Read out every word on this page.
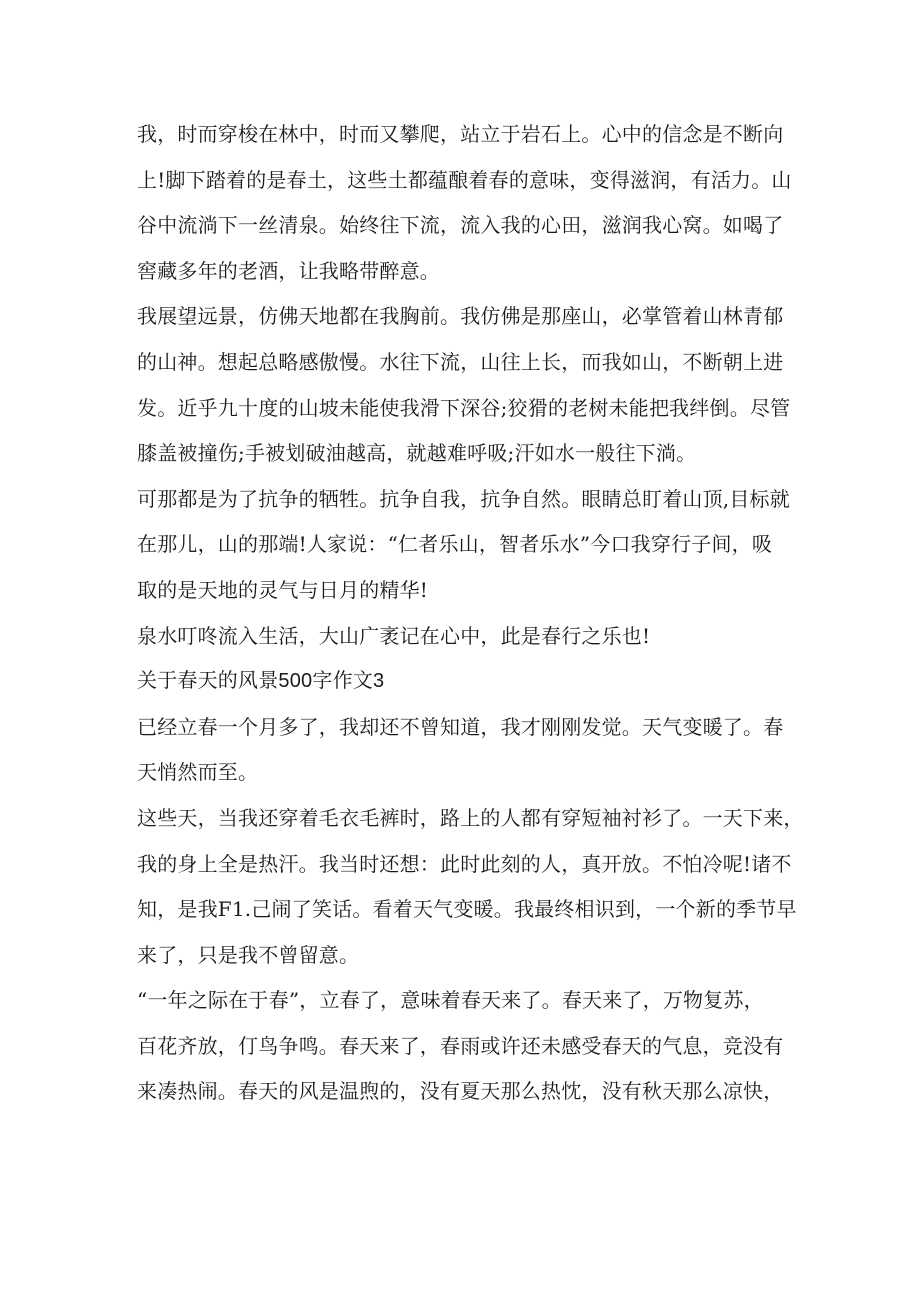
我，时而穿梭在林中，时而又攀爬，站立于岩石上。心中的信念是不断向
上!脚下踏着的是春土，这些土都蕴酿着春的意味，变得滋润，有活力。山
谷中流淌下一丝清泉。始终往下流，流入我的心田，滋润我心窝。如喝了
窖藏多年的老酒，让我略带醉意。
我展望远景，仿佛天地都在我胸前。我仿佛是那座山，必掌管着山林青郁
的山神。想起总略感傲慢。水往下流，山往上长，而我如山，不断朝上进
发。近乎九十度的山坡未能使我滑下深谷;狡猾的老树未能把我绊倒。尽管
膝盖被撞伤;手被划破油越高，就越难呼吸;汗如水一般往下淌。
可那都是为了抗争的牺牲。抗争自我，抗争自然。眼睛总盯着山顶,目标就
在那儿，山的那端!人家说：“仁者乐山，智者乐水”今口我穿行子间，吸
取的是天地的灵气与日月的精华!
泉水叮咚流入生活，大山广袤记在心中，此是春行之乐也!
关于春天的风景500字作文3
已经立春一个月多了，我却还不曾知道，我才刚刚发觉。天气变暖了。春
天悄然而至。
这些天，当我还穿着毛衣毛裤时，路上的人都有穿短袖衬衫了。一天下来，
我的身上全是热汗。我当时还想：此时此刻的人，真开放。不怕冷呢!诸不
知，是我F1.己闹了笑话。看着天气变暖。我最终相识到，一个新的季节早
来了，只是我不曾留意。
“一年之际在于春”，立春了，意味着春天来了。春天来了，万物复苏，
百花齐放，仃鸟争鸣。春天来了，春雨或许还未感受春天的气息，竞没有
来凑热闹。春天的风是温煦的，没有夏天那么热忱，没有秋天那么凉快，
